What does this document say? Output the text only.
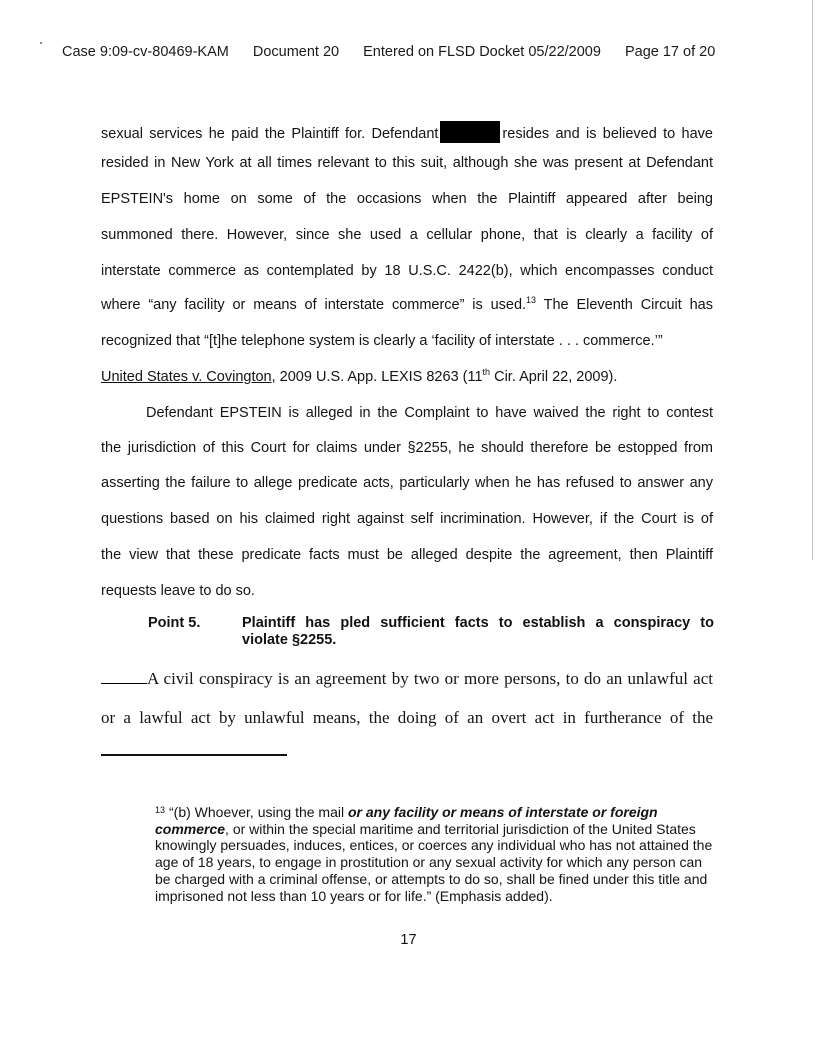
Case 9:09-cv-80469-KAM Document 20 Entered on FLSD Docket 05/22/2009 Page 17 of 20
sexual services he paid the Plaintiff for. Defendant	resides and is believed to have
resided in New York at all times relevant to this suit, although she was present at Defendant
EPSTEIN's home on some of the occasions when the Plaintiff appeared after being
summoned there. However, since she used a cellular phone, that is clearly a facility of
interstate commerce as contemplated by 18 U.S.C. 2422(b), which encompasses conduct
where “any facility or means of interstate commerce” is used.$^{13}$ The Eleventh Circuit has
recognized that “[t]he telephone system is clearly a ‘facility of interstate . . . commerce.’”
United States v. Covington, 2009 U.S. App. LEXIS 8263 (11th Cir. April 22, 2009).
Defendant EPSTEIN is alleged in the Complaint to have waived the right to contest
the jurisdiction of this Court for claims under §2255, he should therefore be estopped from
asserting the failure to allege predicate acts, particularly when he has refused to answer any
questions based on his claimed right against self incrimination. However, if the Court is of
the view that these predicate facts must be alleged despite the agreement, then Plaintiff
requests leave to do so.
Point 5.	Plaintiff has pled sufficient facts to establish a conspiracy to
violate §2255.
A civil conspiracy is an agreement by two or more persons, to do an unlawful act
or a lawful act by unlawful means, the doing of an overt act in furtherance of the
$^{13}$ “(b) Whoever, using the mail or any facility or means of interstate or foreign commerce, or within the special maritime and territorial jurisdiction of the United States knowingly persuades, induces, entices, or coerces any individual who has not attained the age of 18 years, to engage in prostitution or any sexual activity for which any person can be charged with a criminal offense, or attempts to do so, shall be fined under this title and imprisoned not less than 10 years or for life.” (Emphasis added).
17
